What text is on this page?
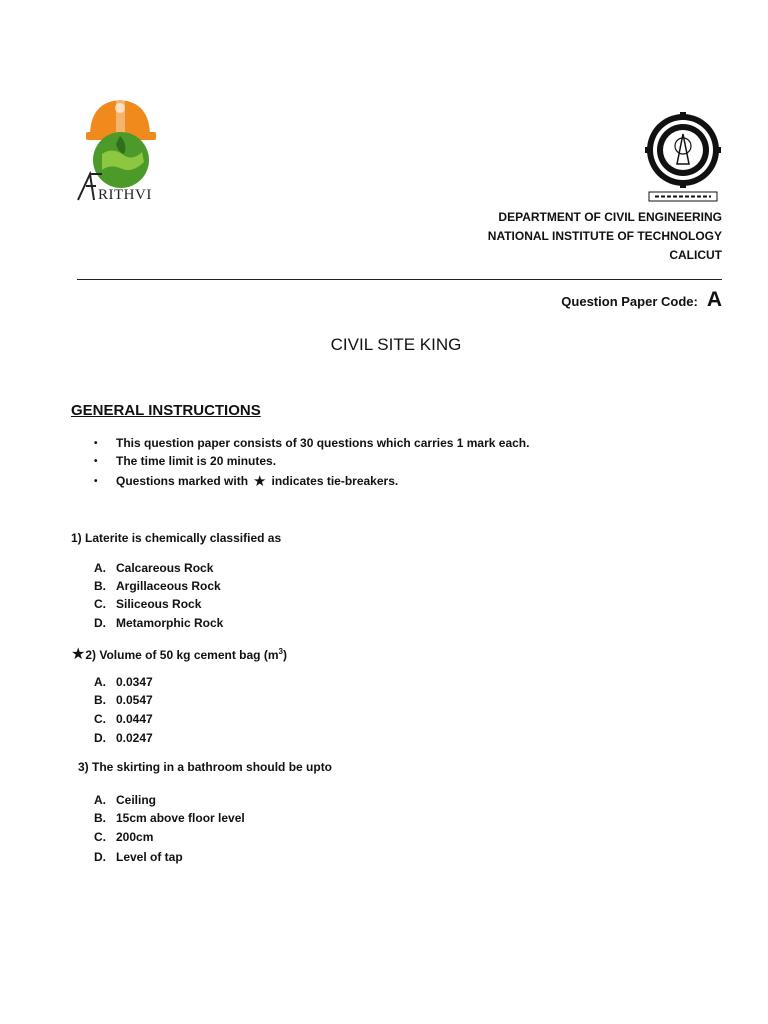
RITHVI
DEPARTMENT OF CIVIL ENGINEERING
NATIONAL INSTITUTE OF TECHNOLOGY
CALICUT
Question Paper Code: A
CIVIL SITE KING
GENERAL INSTRUCTIONS
•	This question paper consists of 30 questions which carries 1 mark each.
•	The time limit is 20 minutes.
•	Questions marked with ★ indicates tie-breakers.
1) Laterite is chemically classified as
A. Calcareous Rock
B. Argillaceous Rock
C. Siliceous Rock
D. Metamorphic Rock
★2) Volume of 50 kg cement bag $(m^3)$
A. 0.0347
B. 0.0547
C. 0.0447
D. 0.0247
3) The skirting in a bathroom should be upto
A. Ceiling
B. 15cm above floor level
C. 200cm
D. Level of tap
